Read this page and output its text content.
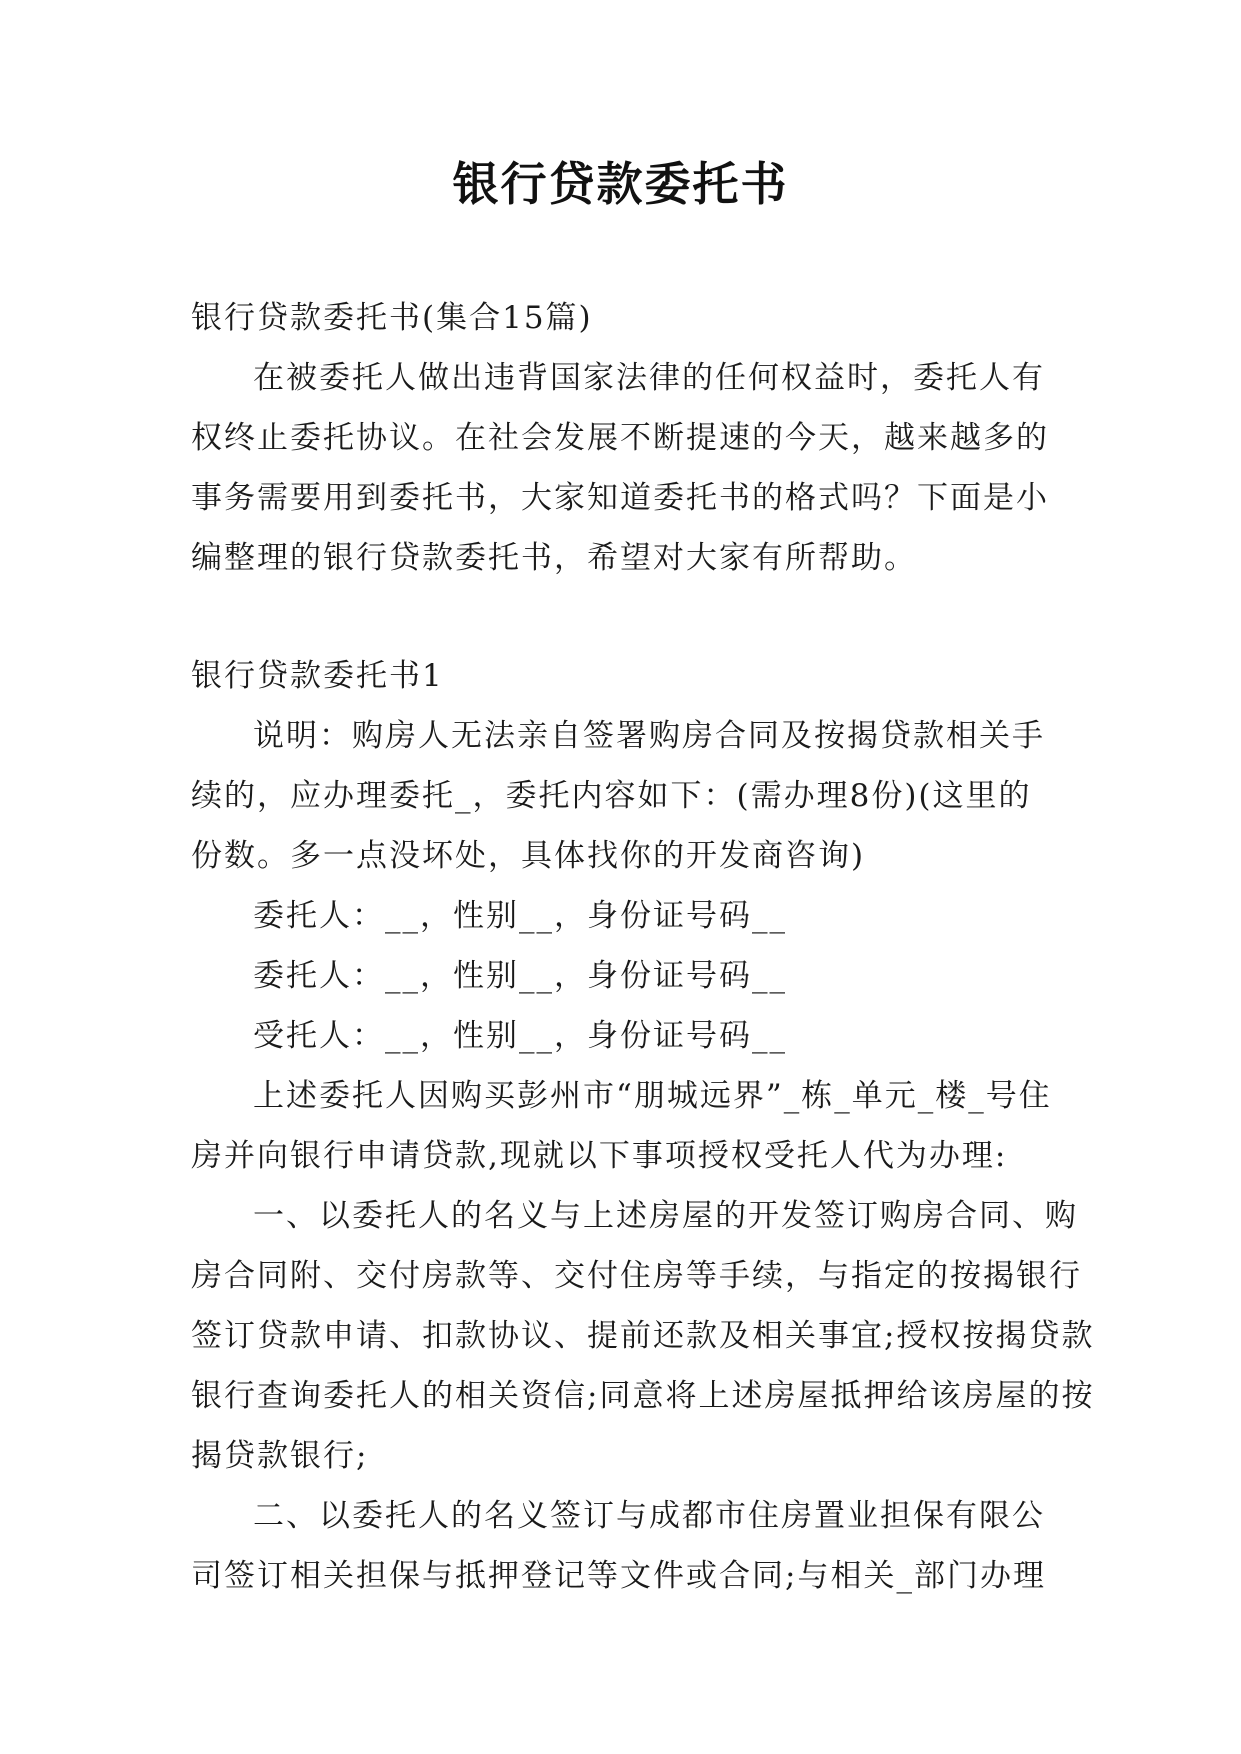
银行贷款委托书

银行贷款委托书(集合15篇)

在被委托人做出违背国家法律的任何权益时，委托人有权终止委托协议。在社会发展不断提速的今天，越来越多的事务需要用到委托书，大家知道委托书的格式吗？下面是小编整理的银行贷款委托书，希望对大家有所帮助。

银行贷款委托书1

说明：购房人无法亲自签署购房合同及按揭贷款相关手续的，应办理委托_，委托内容如下：(需办理8份)(这里的份数。多一点没坏处，具体找你的开发商咨询)

委托人：__，性别__，身份证号码__

委托人：__，性别__，身份证号码__

受托人：__，性别__，身份证号码__

上述委托人因购买彭州市“朋城远界”_栋_单元_楼_号住房并向银行申请贷款,现就以下事项授权受托人代为办理:

一、以委托人的名义与上述房屋的开发签订购房合同、购房合同附、交付房款等、交付住房等手续，与指定的按揭银行签订贷款申请、扣款协议、提前还款及相关事宜;授权按揭贷款银行查询委托人的相关资信;同意将上述房屋抵押给该房屋的按揭贷款银行;

二、以委托人的名义签订与成都市住房置业担保有限公司签订相关担保与抵押登记等文件或合同;与相关_部门办理
